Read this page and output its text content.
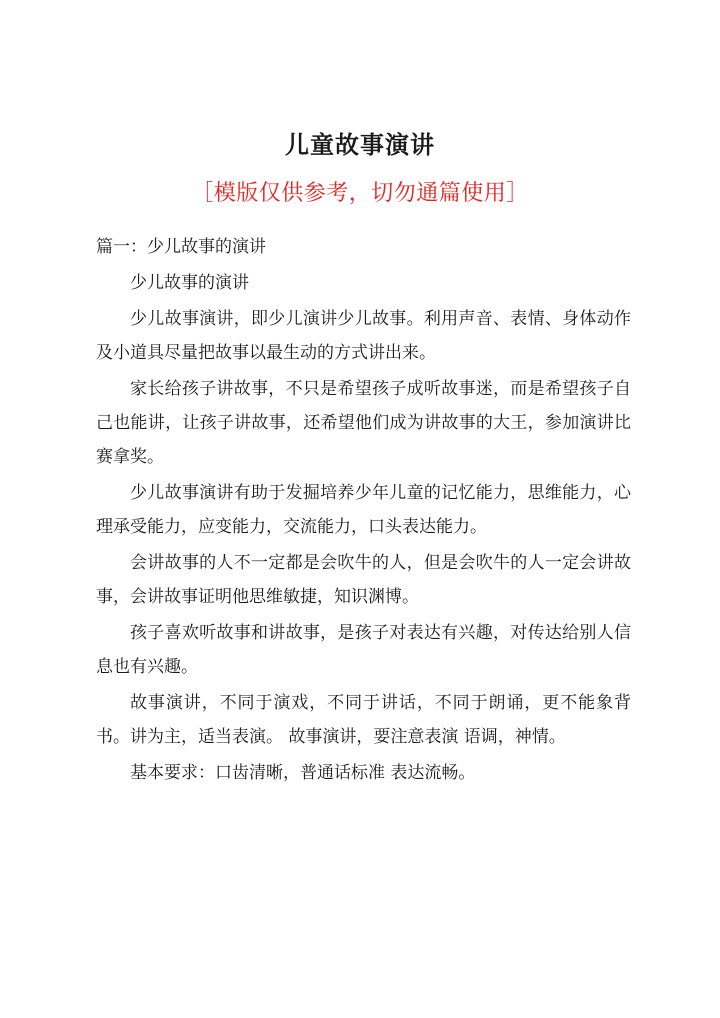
儿童故事演讲
［模版仅供参考，切勿通篇使用］

篇一：少儿故事的演讲

少儿故事的演讲

少儿故事演讲，即少儿演讲少儿故事。利用声音、表情、身体动作及小道具尽量把故事以最生动的方式讲出来。

家长给孩子讲故事，不只是希望孩子成听故事迷，而是希望孩子自己也能讲，让孩子讲故事，还希望他们成为讲故事的大王，参加演讲比赛拿奖。

少儿故事演讲有助于发掘培养少年儿童的记忆能力，思维能力，心理承受能力，应变能力，交流能力，口头表达能力。

会讲故事的人不一定都是会吹牛的人，但是会吹牛的人一定会讲故事，会讲故事证明他思维敏捷，知识渊博。

孩子喜欢听故事和讲故事，是孩子对表达有兴趣，对传达给别人信息也有兴趣。

故事演讲，不同于演戏，不同于讲话，不同于朗诵，更不能象背书。讲为主，适当表演。 故事演讲，要注意表演 语调，神情。

基本要求：口齿清晰，普通话标准 表达流畅。
